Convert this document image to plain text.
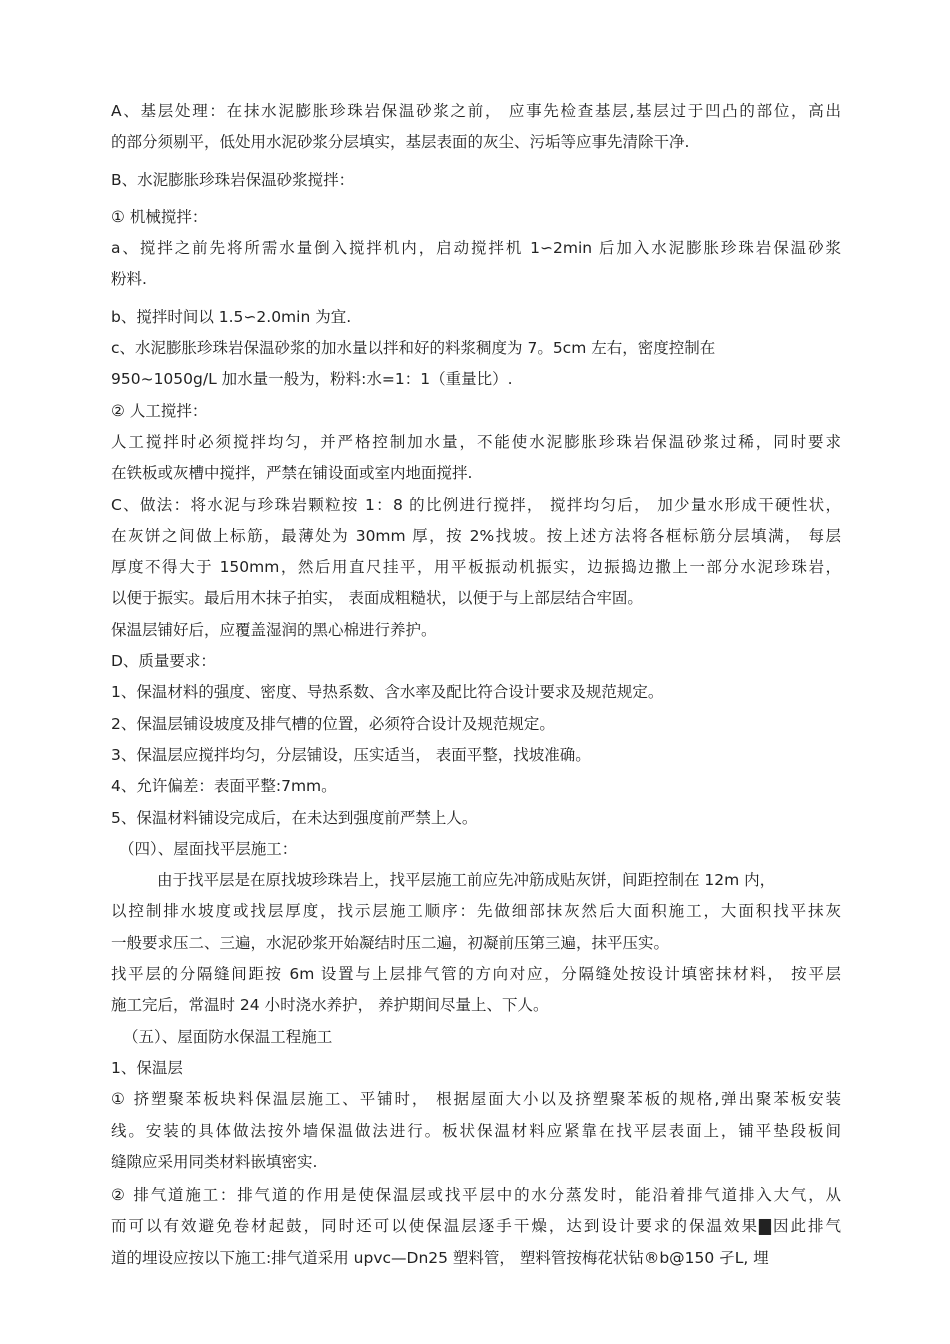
A、基层处理：在抹水泥膨胀珍珠岩保温砂浆之前， 应事先检查基层,基层过于凹凸的部位，高出
的部分须剔平，低处用水泥砂浆分层填实，基层表面的灰尘、污垢等应事先清除干净.
B、水泥膨胀珍珠岩保温砂浆搅拌：
① 机械搅拌：
a、搅拌之前先将所需水量倒入搅拌机内，启动搅拌机 1∽2min 后加入水泥膨胀珍珠岩保温砂浆
粉料.
b、搅拌时间以 1.5∽2.0min 为宜.
c、水泥膨胀珍珠岩保温砂浆的加水量以拌和好的料浆稠度为 7。5cm 左右，密度控制在
950~1050g/L 加水量一般为，粉料:水=1：1（重量比）.
② 人工搅拌：
人工搅拌时必须搅拌均匀，并严格控制加水量，不能使水泥膨胀珍珠岩保温砂浆过稀，同时要求
在铁板或灰槽中搅拌，严禁在铺设面或室内地面搅拌.
C、做法：将水泥与珍珠岩颗粒按 1：8 的比例进行搅拌， 搅拌均匀后， 加少量水形成干硬性状，
在灰饼之间做上标筋，最薄处为 30mm 厚，按 2%找坡。按上述方法将各框标筋分层填满， 每层
厚度不得大于 150mm，然后用直尺挂平，用平板振动机振实，边振捣边撒上一部分水泥珍珠岩，
以便于振实。最后用木抹子拍实， 表面成粗糙状，以便于与上部层结合牢固。
保温层铺好后，应覆盖湿润的黑心棉进行养护。
D、质量要求：
1、保温材料的强度、密度、导热系数、含水率及配比符合设计要求及规范规定。
2、保温层铺设坡度及排气槽的位置，必须符合设计及规范规定。
3、保温层应搅拌均匀，分层铺设，压实适当， 表面平整，找坡准确。
4、允许偏差：表面平整:7mm。
5、保温材料铺设完成后，在未达到强度前严禁上人。
（四）、屋面找平层施工：
由于找平层是在原找坡珍珠岩上，找平层施工前应先冲筋成贴灰饼，间距控制在 12m 内，
以控制排水坡度或找层厚度，找示层施工顺序：先做细部抹灰然后大面积施工，大面积找平抹灰
一般要求压二、三遍，水泥砂浆开始凝结时压二遍，初凝前压第三遍，抹平压实。
找平层的分隔缝间距按 6m 设置与上层排气管的方向对应，分隔缝处按设计填密抹材料， 按平层
施工完后，常温时 24 小时浇水养护， 养护期间尽量上、下人。
（五）、屋面防水保温工程施工
1、保温层
① 挤塑聚苯板块料保温层施工、平铺时， 根据屋面大小以及挤塑聚苯板的规格,弹出聚苯板安装
线。安装的具体做法按外墙保温做法进行。板状保温材料应紧靠在找平层表面上，铺平垫段板间
缝隙应采用同类材料嵌填密实.
② 排气道施工：排气道的作用是使保温层或找平层中的水分蒸发时，能沿着排气道排入大气，从
而可以有效避免卷材起鼓，同时还可以使保温层逐手干燥，达到设计要求的保温效果▇因此排气
道的埋设应按以下施工:排气道采用 upvc—Dn25 塑料管， 塑料管按梅花状钻®b@150 孑L, 埋
